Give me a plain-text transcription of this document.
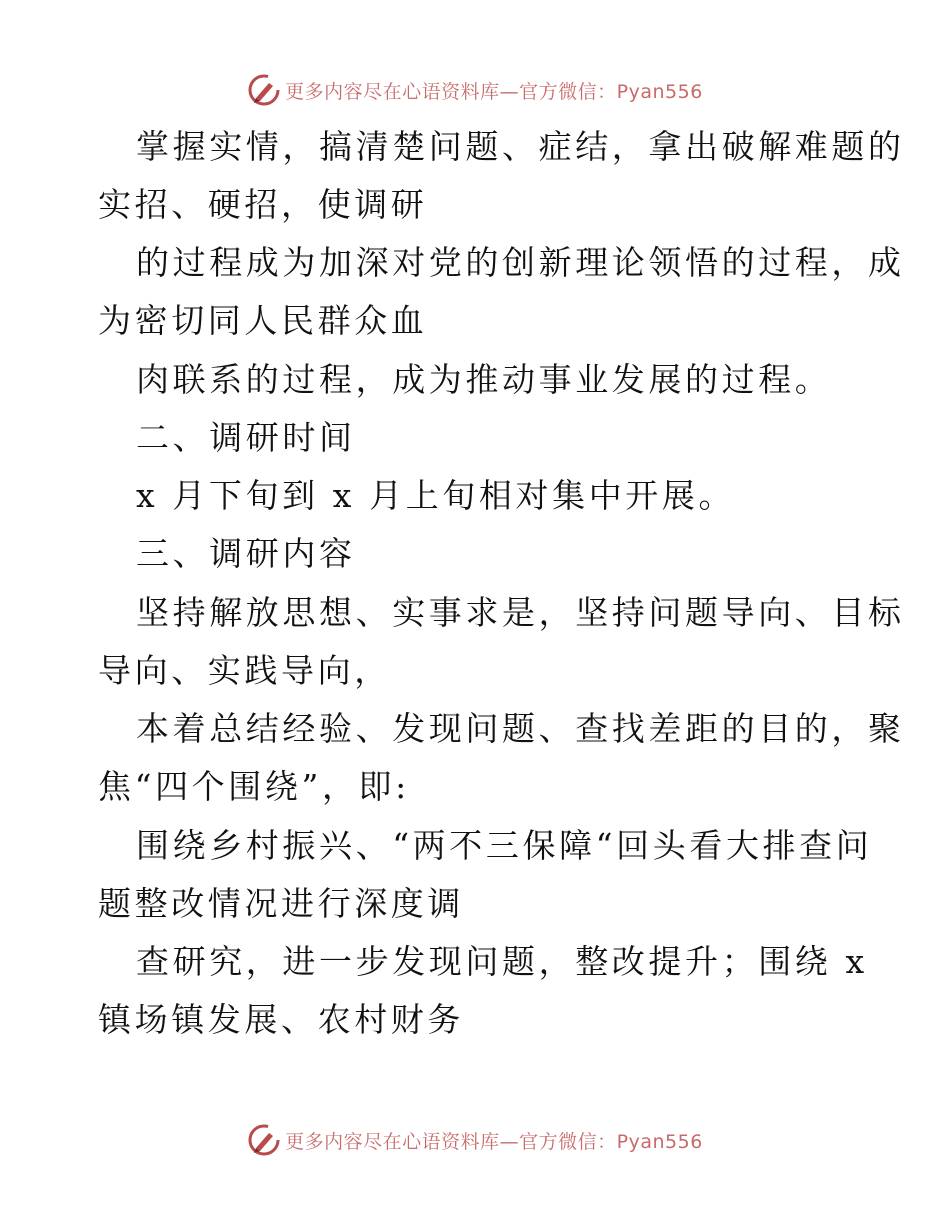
更多内容尽在心语资料库—官方微信：Pyan556
掌握实情，搞清楚问题、症结，拿出破解难题的
实招、硬招，使调研
的过程成为加深对党的创新理论领悟的过程，成
为密切同人民群众血
肉联系的过程，成为推动事业发展的过程。
二、调研时间
x 月下旬到 x 月上旬相对集中开展。
三、调研内容
坚持解放思想、实事求是，坚持问题导向、目标
导向、实践导向，
本着总结经验、发现问题、查找差距的目的，聚
焦“四个围绕”，即:
围绕乡村振兴、“两不三保障“回头看大排查问
题整改情况进行深度调
查研究，进一步发现问题，整改提升；围绕 x
镇场镇发展、农村财务
更多内容尽在心语资料库—官方微信：Pyan556
